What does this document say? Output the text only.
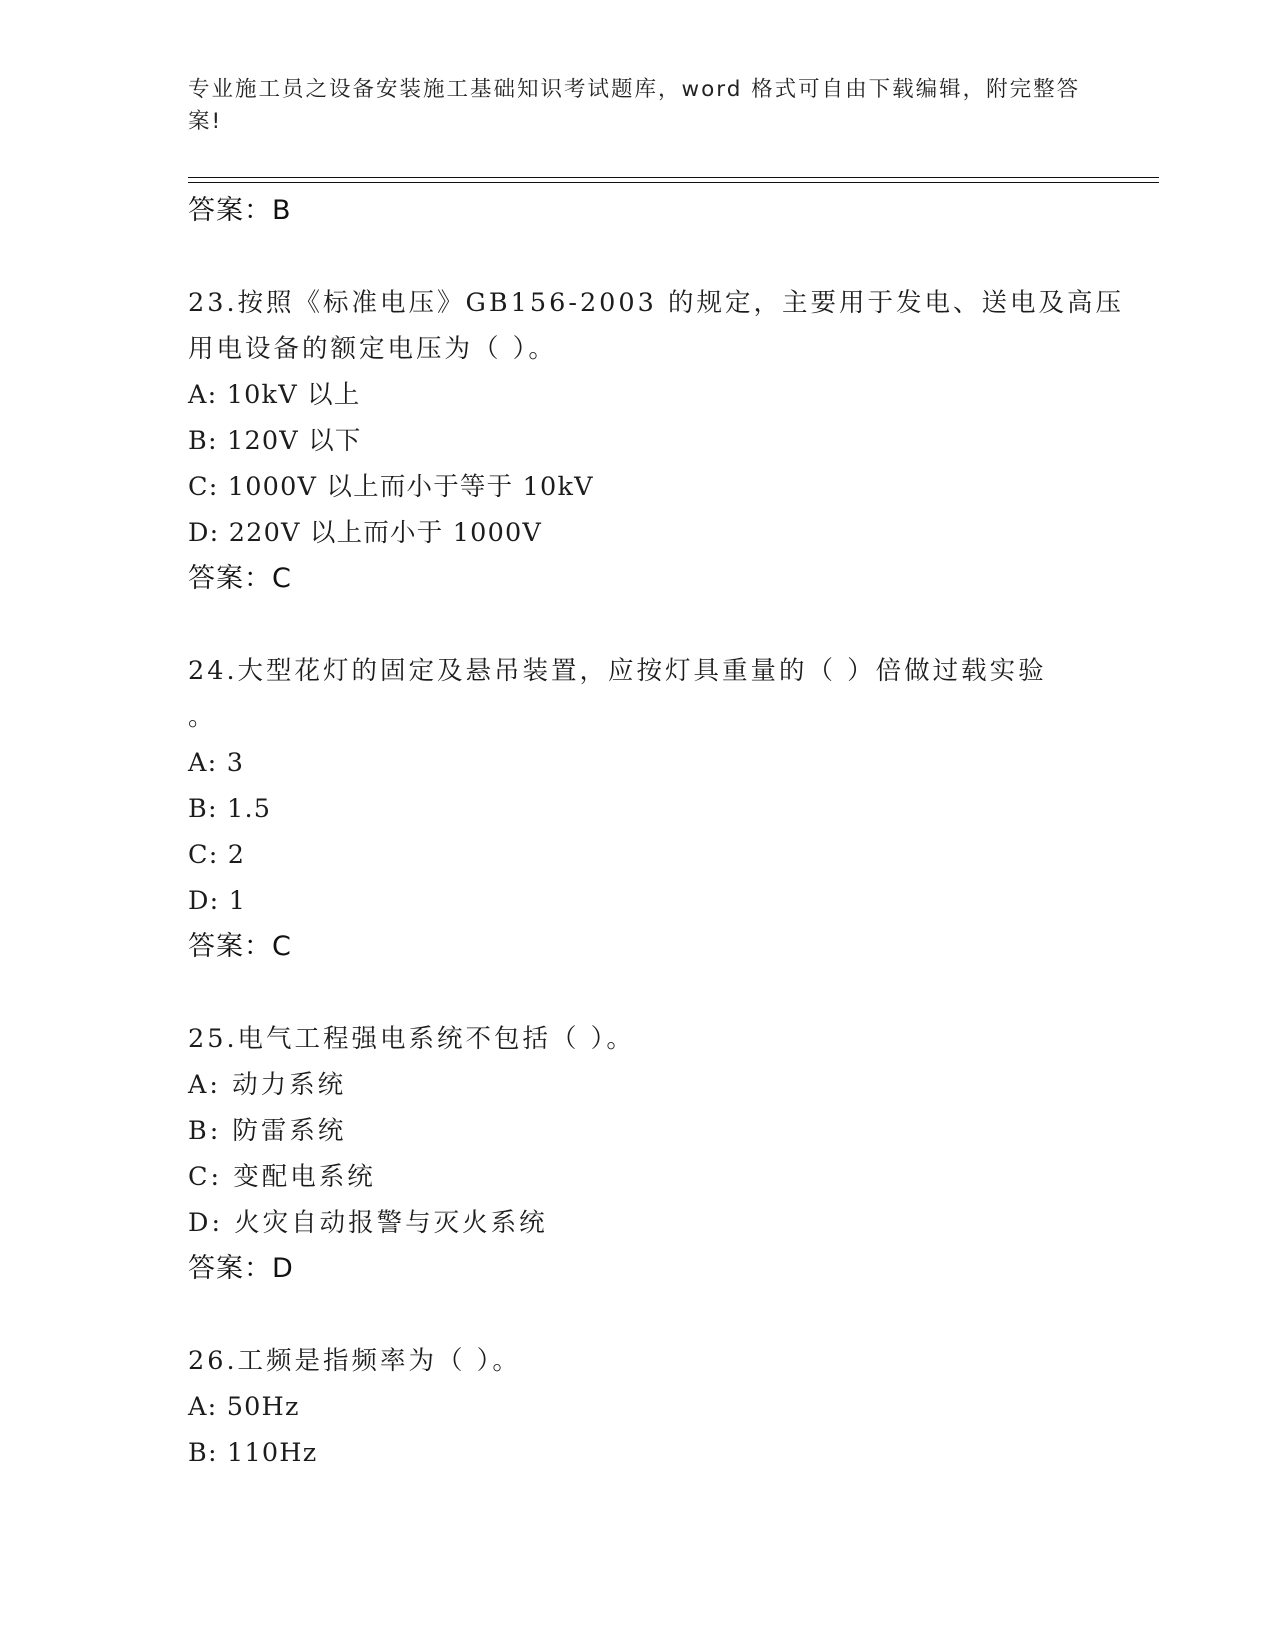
专业施工员之设备安装施工基础知识考试题库，word 格式可自由下载编辑，附完整答案!
答案：B
23.按照《标准电压》GB156-2003 的规定，主要用于发电、送电及高压
用电设备的额定电压为（ ）。
A: 10kV 以上
B: 120V 以下
C: 1000V 以上而小于等于 10kV
D: 220V 以上而小于 1000V
答案：C
24.大型花灯的固定及悬吊装置，应按灯具重量的（ ）倍做过载实验
。
A: 3
B: 1.5
C: 2
D: 1
答案：C
25.电气工程强电系统不包括（ ）。
A: 动力系统
B: 防雷系统
C: 变配电系统
D: 火灾自动报警与灭火系统
答案：D
26.工频是指频率为（ ）。
A: 50Hz
B: 110Hz
